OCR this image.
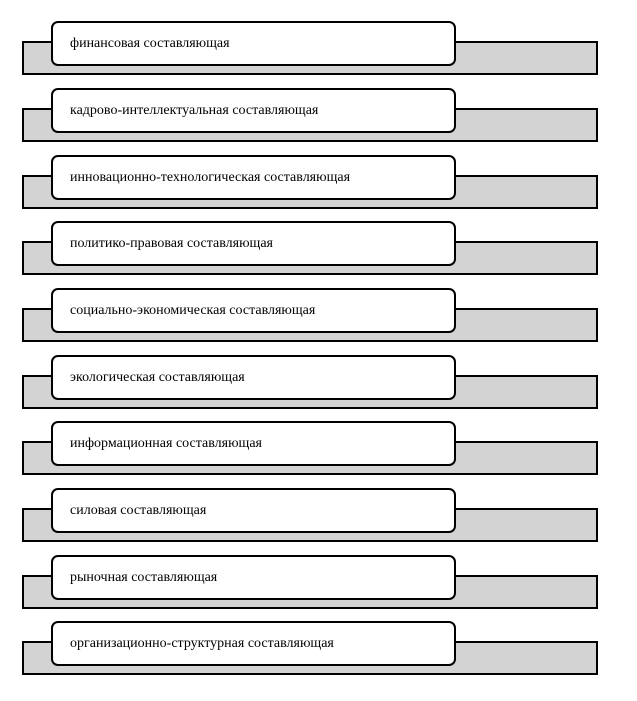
финансовая составляющая
кадрово-интеллектуальная составляющая
инновационно-технологическая составляющая
политико-правовая составляющая
социально-экономическая составляющая
экологическая составляющая
информационная составляющая
силовая составляющая
рыночная составляющая
организационно-структурная составляющая
